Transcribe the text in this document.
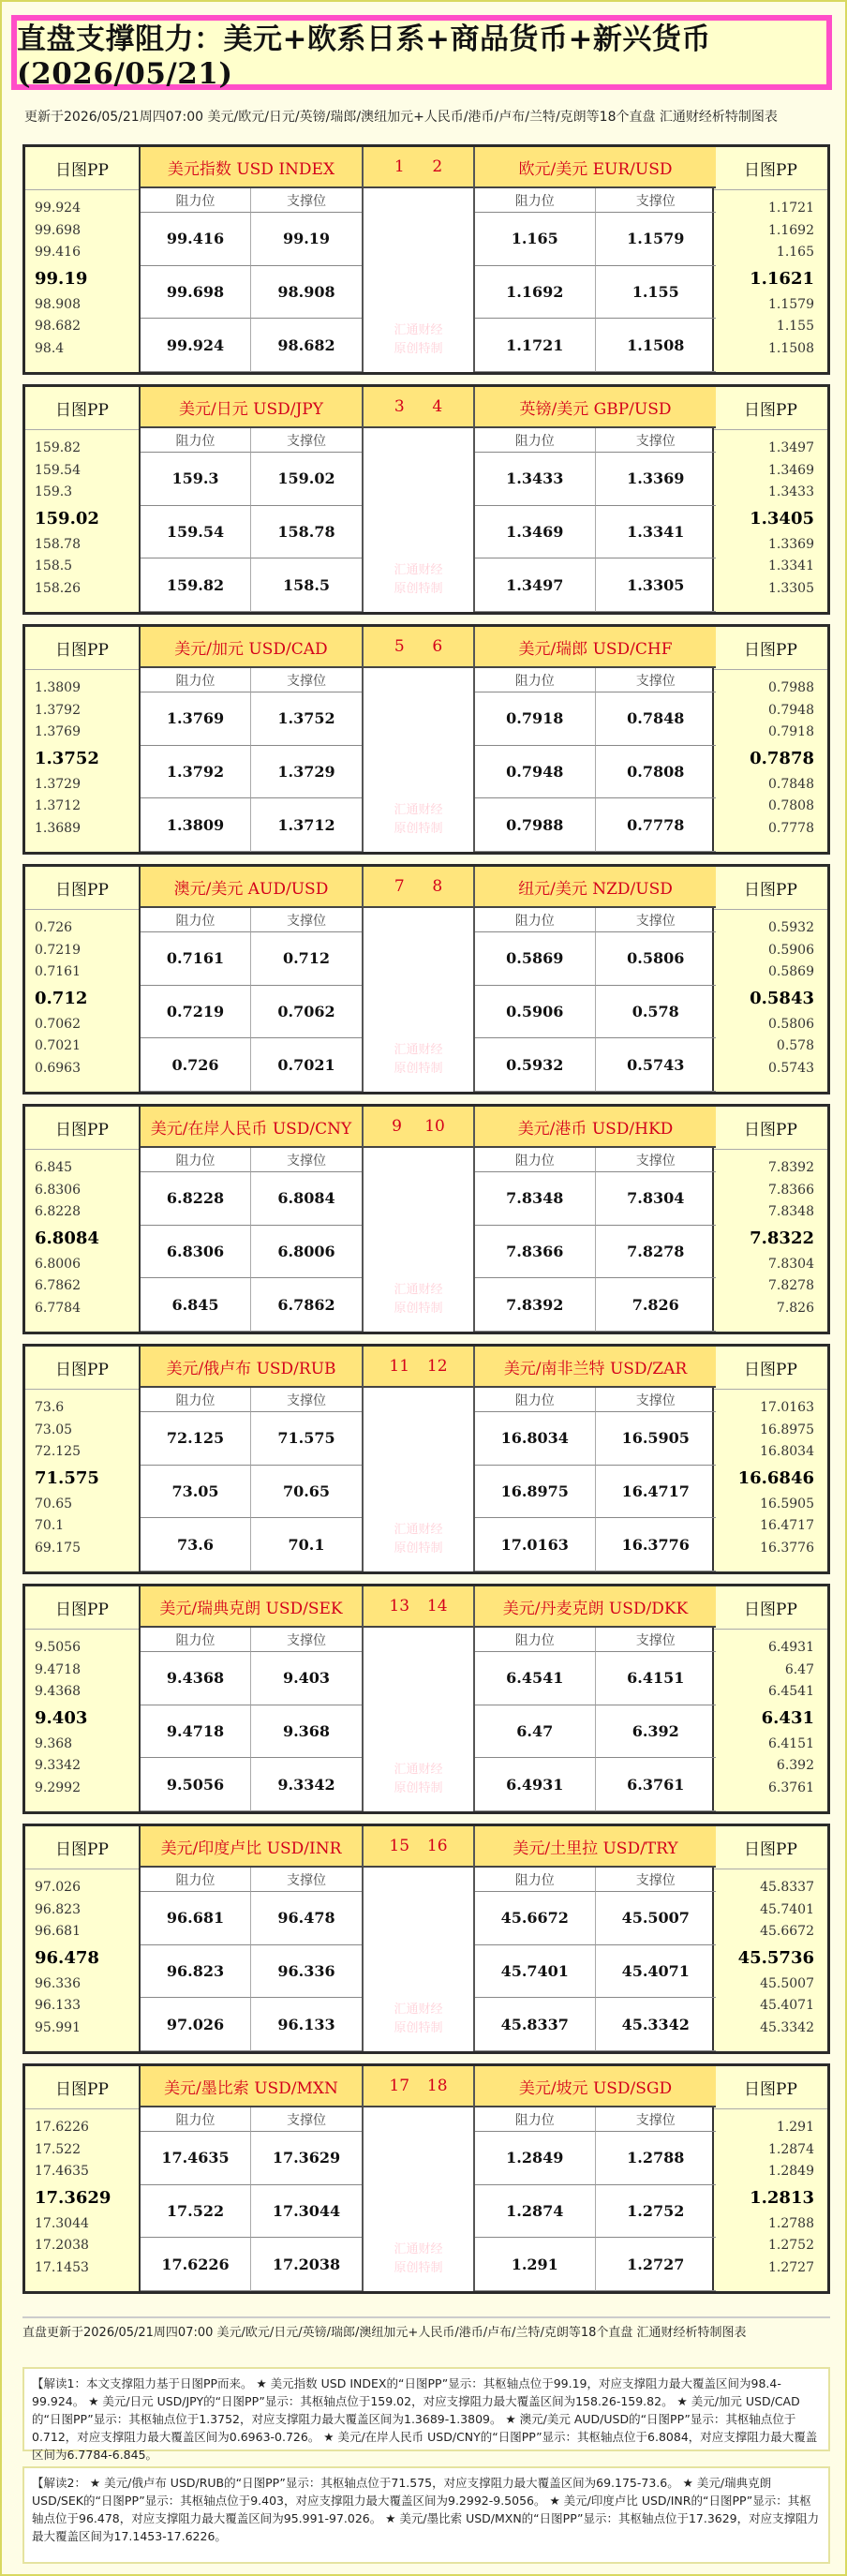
直盘支撑阻力：美元+欧系日系+商品货币+新兴货币(2026/05/21)
更新于2026/05/21周四07:00 美元/欧元/日元/英镑/瑞郎/澳纽加元+人民币/港币/卢布/兰特/克朗等18个直盘 汇通财经析特制图表
日图PP
99.924
99.698
99.416
99.19
98.908
98.682
98.4
日图PP
1.1721
1.1692
1.165
1.1621
1.1579
1.155
1.1508
美元指数 USD INDEX
阻力位	支撑位
99.416	99.19
99.698	98.908
99.924	98.682
欧元/美元 EUR/USD
阻力位	支撑位
1.165	1.1579
1.1692	1.155
1.1721	1.1508
1 2
汇通财经
原创特制
日图PP
159.82
159.54
159.3
159.02
158.78
158.5
158.26
日图PP
1.3497
1.3469
1.3433
1.3405
1.3369
1.3341
1.3305
美元/日元 USD/JPY
阻力位	支撑位
159.3	159.02
159.54	158.78
159.82	158.5
英镑/美元 GBP/USD
阻力位	支撑位
1.3433	1.3369
1.3469	1.3341
1.3497	1.3305
3 4
汇通财经
原创特制
日图PP
1.3809
1.3792
1.3769
1.3752
1.3729
1.3712
1.3689
日图PP
0.7988
0.7948
0.7918
0.7878
0.7848
0.7808
0.7778
美元/加元 USD/CAD
阻力位	支撑位
1.3769	1.3752
1.3792	1.3729
1.3809	1.3712
美元/瑞郎 USD/CHF
阻力位	支撑位
0.7918	0.7848
0.7948	0.7808
0.7988	0.7778
5 6
汇通财经
原创特制
日图PP
0.726
0.7219
0.7161
0.712
0.7062
0.7021
0.6963
日图PP
0.5932
0.5906
0.5869
0.5843
0.5806
0.578
0.5743
澳元/美元 AUD/USD
阻力位	支撑位
0.7161	0.712
0.7219	0.7062
0.726	0.7021
纽元/美元 NZD/USD
阻力位	支撑位
0.5869	0.5806
0.5906	0.578
0.5932	0.5743
7 8
汇通财经
原创特制
日图PP
6.845
6.8306
6.8228
6.8084
6.8006
6.7862
6.7784
日图PP
7.8392
7.8366
7.8348
7.8322
7.8304
7.8278
7.826
美元/在岸人民币 USD/CNY
阻力位	支撑位
6.8228	6.8084
6.8306	6.8006
6.845	6.7862
美元/港币 USD/HKD
阻力位	支撑位
7.8348	7.8304
7.8366	7.8278
7.8392	7.826
9 10
汇通财经
原创特制
日图PP
73.6
73.05
72.125
71.575
70.65
70.1
69.175
日图PP
17.0163
16.8975
16.8034
16.6846
16.5905
16.4717
16.3776
美元/俄卢布 USD/RUB
阻力位	支撑位
72.125	71.575
73.05	70.65
73.6	70.1
美元/南非兰特 USD/ZAR
阻力位	支撑位
16.8034	16.5905
16.8975	16.4717
17.0163	16.3776
11 12
汇通财经
原创特制
日图PP
9.5056
9.4718
9.4368
9.403
9.368
9.3342
9.2992
日图PP
6.4931
6.47
6.4541
6.431
6.4151
6.392
6.3761
美元/瑞典克朗 USD/SEK
阻力位	支撑位
9.4368	9.403
9.4718	9.368
9.5056	9.3342
美元/丹麦克朗 USD/DKK
阻力位	支撑位
6.4541	6.4151
6.47	6.392
6.4931	6.3761
13 14
汇通财经
原创特制
日图PP
97.026
96.823
96.681
96.478
96.336
96.133
95.991
日图PP
45.8337
45.7401
45.6672
45.5736
45.5007
45.4071
45.3342
美元/印度卢比 USD/INR
阻力位	支撑位
96.681	96.478
96.823	96.336
97.026	96.133
美元/土里拉 USD/TRY
阻力位	支撑位
45.6672	45.5007
45.7401	45.4071
45.8337	45.3342
15 16
汇通财经
原创特制
日图PP
17.6226
17.522
17.4635
17.3629
17.3044
17.2038
17.1453
日图PP
1.291
1.2874
1.2849
1.2813
1.2788
1.2752
1.2727
美元/墨比索 USD/MXN
阻力位	支撑位
17.4635	17.3629
17.522	17.3044
17.6226	17.2038
美元/坡元 USD/SGD
阻力位	支撑位
1.2849	1.2788
1.2874	1.2752
1.291	1.2727
17 18
汇通财经
原创特制
直盘更新于2026/05/21周四07:00 美元/欧元/日元/英镑/瑞郎/澳纽加元+人民币/港币/卢布/兰特/克朗等18个直盘 汇通财经析特制图表
【解读1：本文支撑阻力基于日图PP而来。 ★ 美元指数 USD INDEX的“日图PP”显示：其枢轴点位于99.19，对应支撑阻力最大覆盖区间为98.4-99.924。 ★ 美元/日元 USD/JPY的“日图PP”显示：其枢轴点位于159.02，对应支撑阻力最大覆盖区间为158.26-159.82。 ★ 美元/加元 USD/CAD的“日图PP”显示：其枢轴点位于1.3752，对应支撑阻力最大覆盖区间为1.3689-1.3809。 ★ 澳元/美元 AUD/USD的“日图PP”显示：其枢轴点位于0.712，对应支撑阻力最大覆盖区间为0.6963-0.726。 ★ 美元/在岸人民币 USD/CNY的“日图PP”显示：其枢轴点位于6.8084，对应支撑阻力最大覆盖区间为6.7784-6.845。
【解读2： ★ 美元/俄卢布 USD/RUB的“日图PP”显示：其枢轴点位于71.575，对应支撑阻力最大覆盖区间为69.175-73.6。 ★ 美元/瑞典克朗 USD/SEK的“日图PP”显示：其枢轴点位于9.403，对应支撑阻力最大覆盖区间为9.2992-9.5056。 ★ 美元/印度卢比 USD/INR的“日图PP”显示：其枢轴点位于96.478，对应支撑阻力最大覆盖区间为95.991-97.026。 ★ 美元/墨比索 USD/MXN的“日图PP”显示：其枢轴点位于17.3629，对应支撑阻力最大覆盖区间为17.1453-17.6226。
